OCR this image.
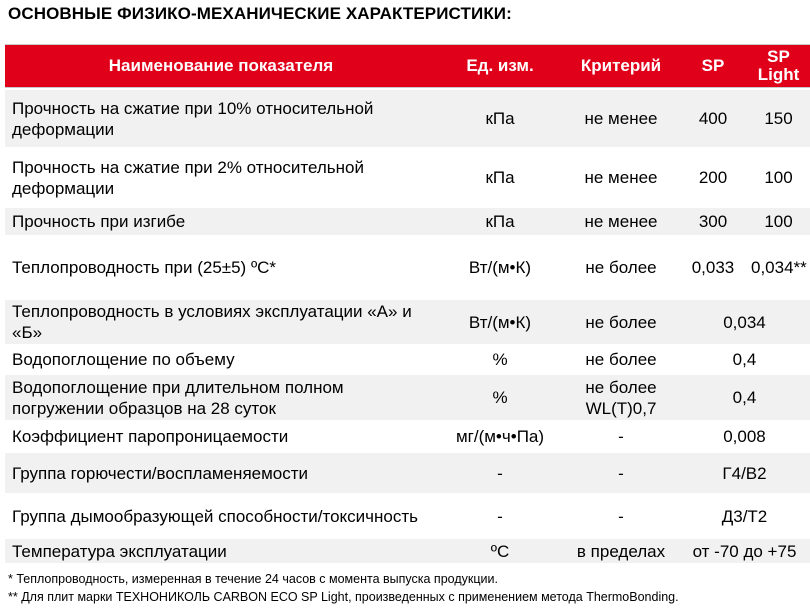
ОСНОВНЫЕ ФИЗИКО-МЕХАНИЧЕСКИЕ ХАРАКТЕРИСТИКИ:
Наименование показателя	Ед. изм.	Критерий	SP	SP Light
Прочность на сжатие при 10% относительной деформации	кПа	не менее	400	150
Прочность на сжатие при 2% относительной деформации	кПа	не менее	200	100
Прочность при изгибе	кПа	не менее	300	100
Теплопроводность при (25±5) ºС*	Вт/(м•К)	не более	0,033	0,034**
Теплопроводность в условиях эксплуатации «А» и «Б»	Вт/(м•К)	не более	0,034	
Водопоглощение по объему	%	не более	0,4	
Водопоглощение при длительном полном погружении образцов на 28 суток	%	не более WL(T)0,7	0,4	
Коэффициент паропроницаемости	мг/(м•ч•Па)	-	0,008	
Группа горючести/воспламеняемости	-	-	Г4/В2	
Группа дымообразующей способности/токсичность	-	-	Д3/Т2	
Температура эксплуатации	ºС	в пределах	от -70 до +75	
* Теплопроводность, измеренная в течение 24 часов с момента выпуска продукции.
** Для плит марки ТЕХНОНИКОЛЬ CARBON ECO SP Light, произведенных с применением метода ThermoBonding.
